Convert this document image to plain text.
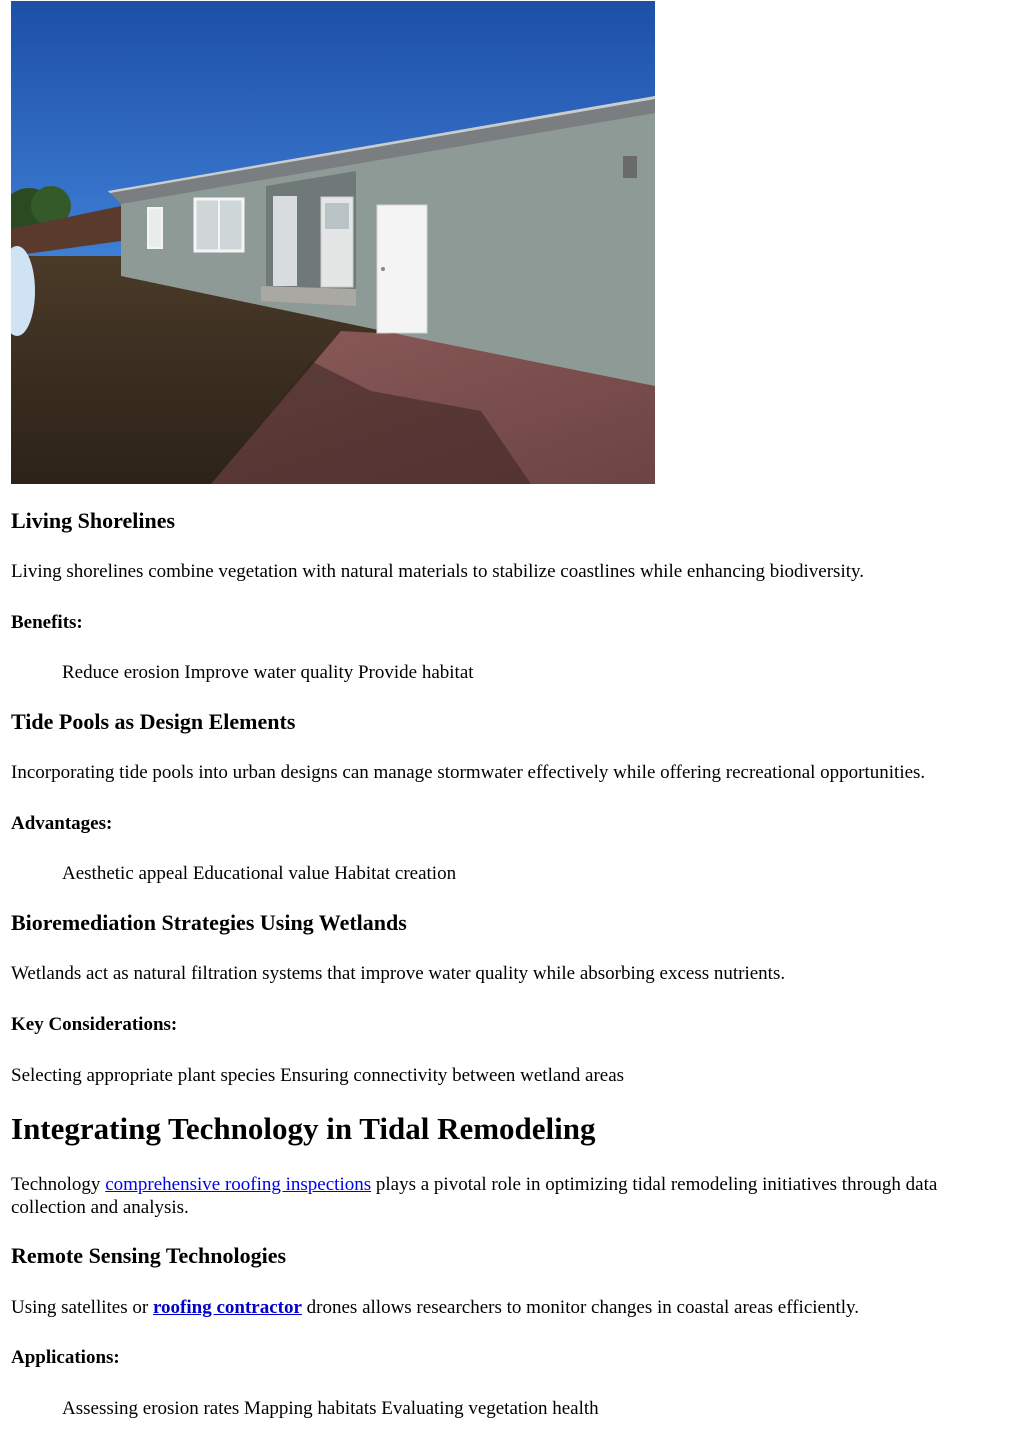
Living Shorelines

Living shorelines combine vegetation with natural materials to stabilize coastlines while enhancing biodiversity.

Benefits:

Reduce erosion Improve water quality Provide habitat

Tide Pools as Design Elements

Incorporating tide pools into urban designs can manage stormwater effectively while offering recreational opportunities.

Advantages:

Aesthetic appeal Educational value Habitat creation

Bioremediation Strategies Using Wetlands

Wetlands act as natural filtration systems that improve water quality while absorbing excess nutrients.

Key Considerations:

Selecting appropriate plant species Ensuring connectivity between wetland areas

Integrating Technology in Tidal Remodeling

Technology comprehensive roofing inspections plays a pivotal role in optimizing tidal remodeling initiatives through data collection and analysis.

Remote Sensing Technologies

Using satellites or roofing contractor drones allows researchers to monitor changes in coastal areas efficiently.

Applications:

Assessing erosion rates Mapping habitats Evaluating vegetation health
